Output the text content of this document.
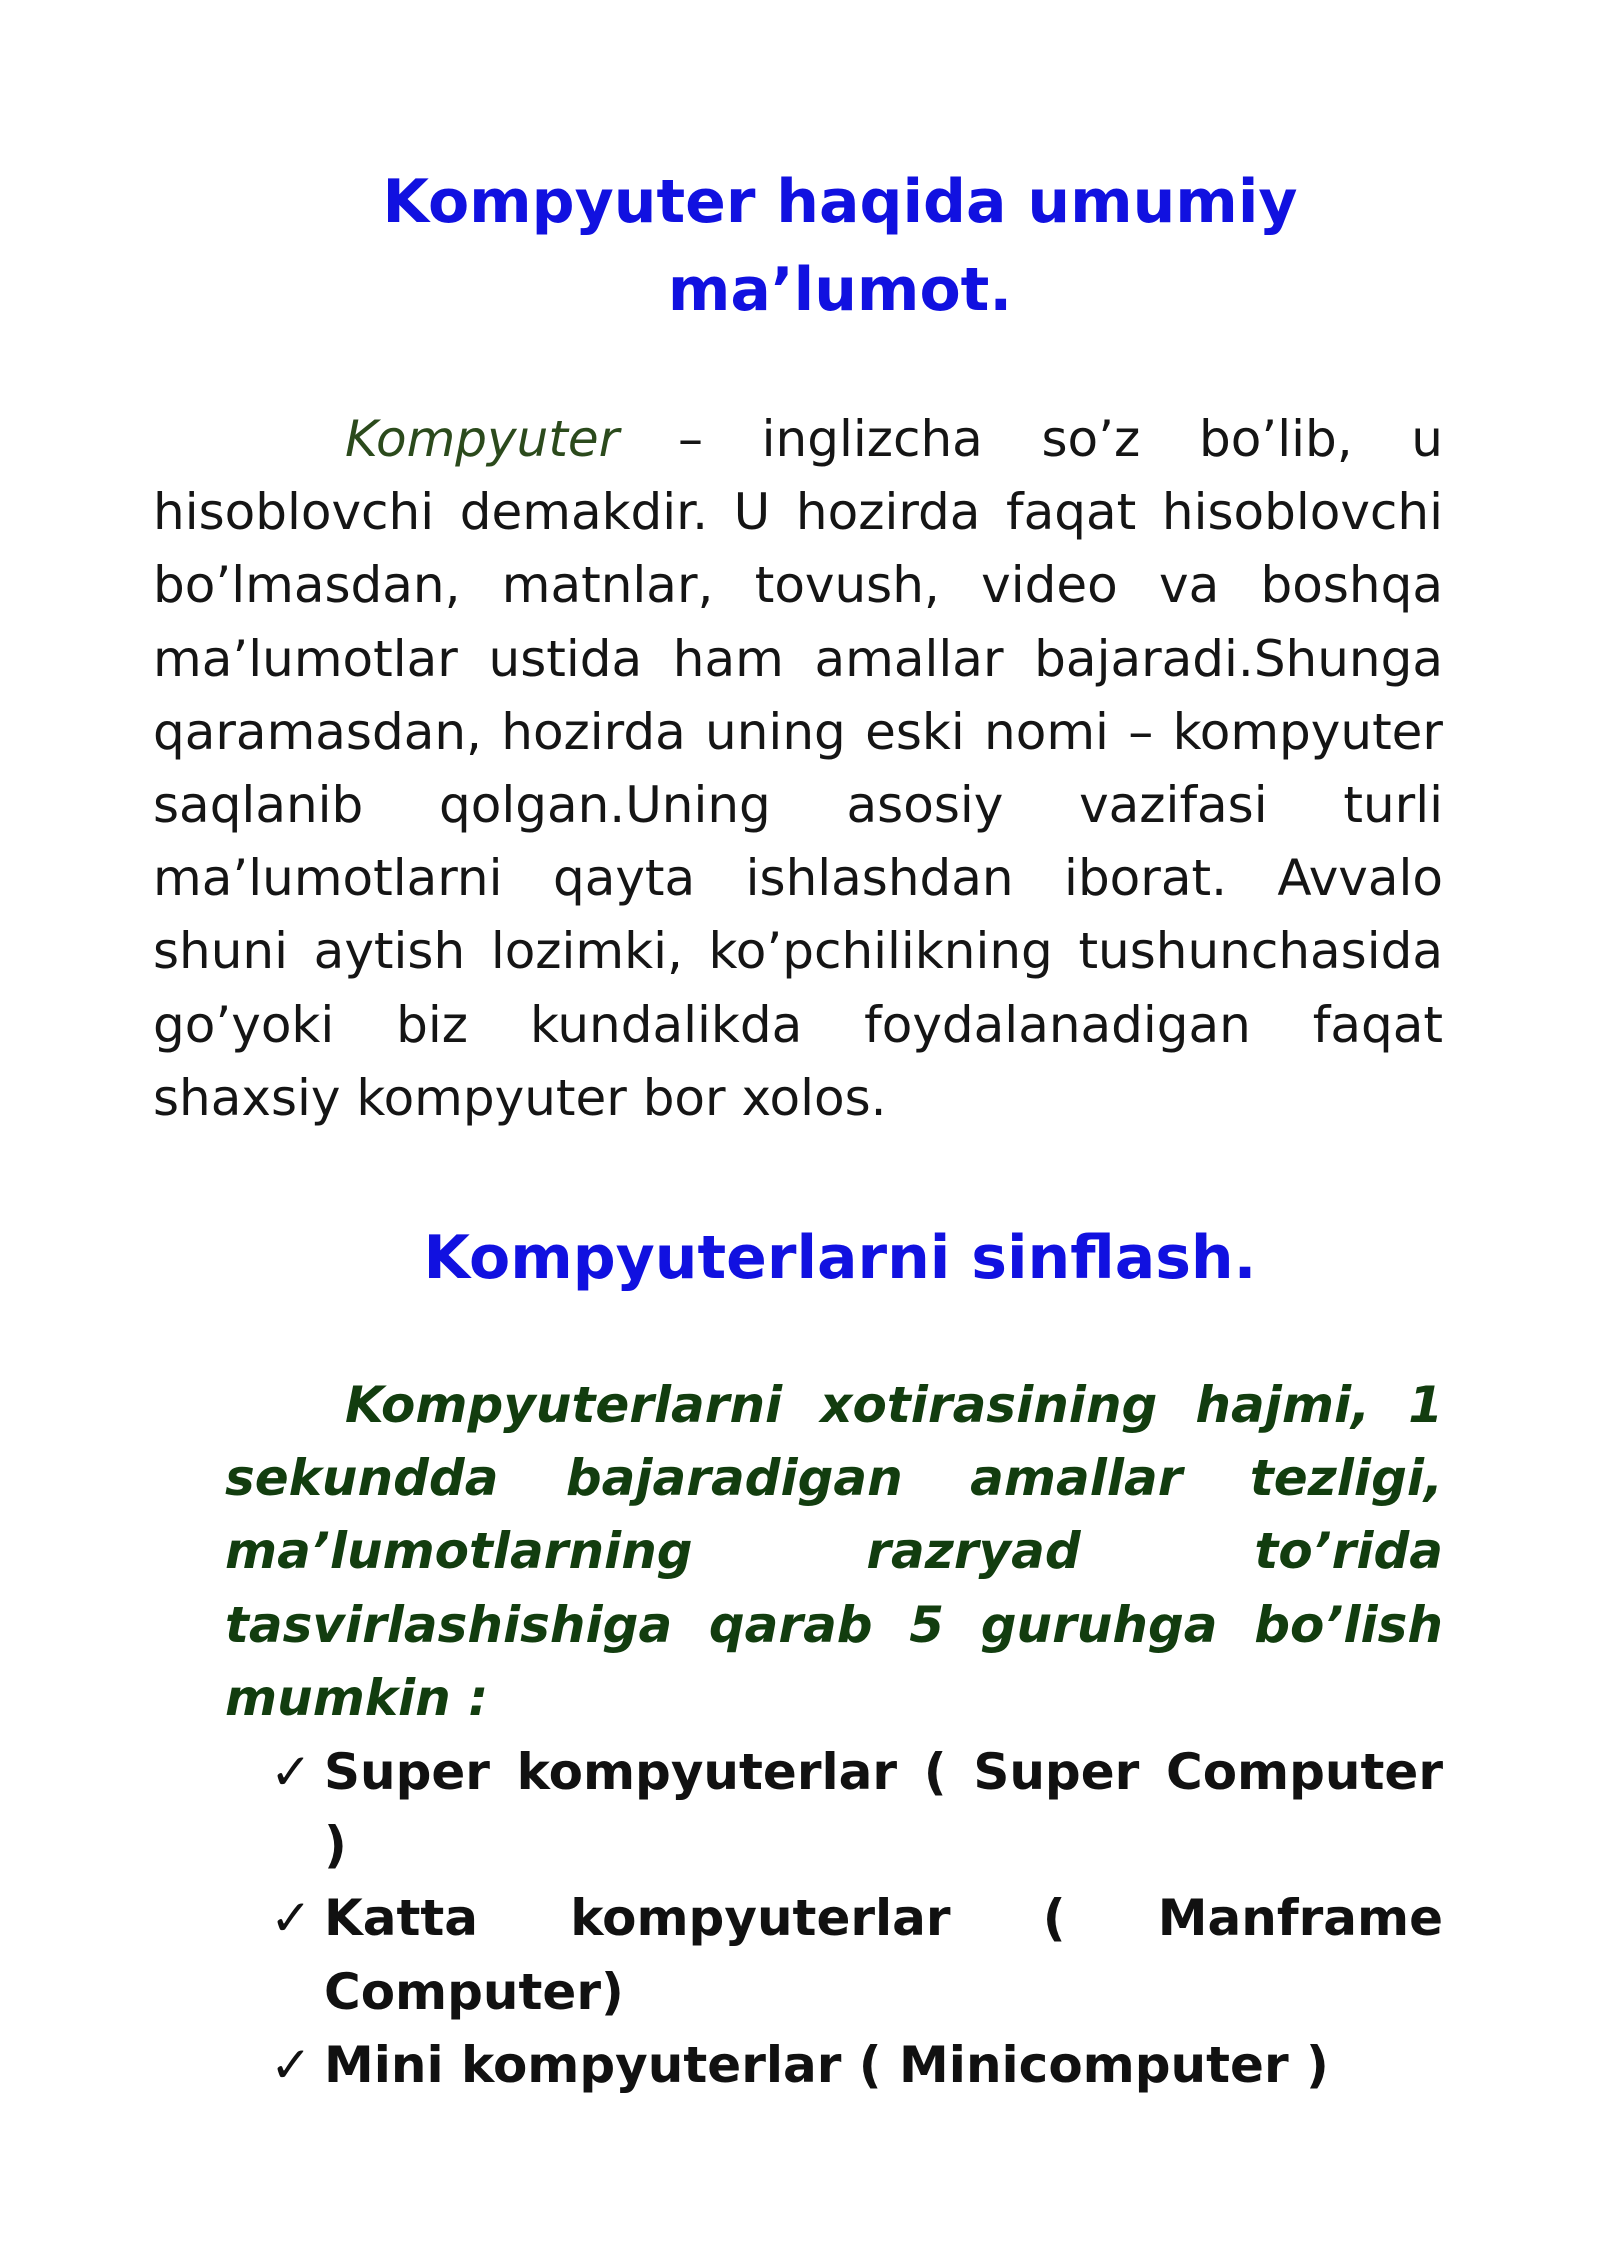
Kompyuter haqida umumiy ma’lumot.

Kompyuter – inglizcha so’z bo’lib, u hisoblovchi demakdir. U hozirda faqat hisoblovchi bo’lmasdan, matnlar, tovush, video va boshqa ma’lumotlar ustida ham amallar bajaradi.Shunga qaramasdan, hozirda uning eski nomi – kompyuter saqlanib qolgan.Uning asosiy vazifasi turli ma’lumotlarni qayta ishlashdan iborat. Avvalo shuni aytish lozimki, ko’pchilikning tushunchasida go’yoki biz kundalikda foydalanadigan faqat shaxsiy kompyuter bor xolos.

Kompyuterlarni sinflash.

Kompyuterlarni xotirasining hajmi, 1 sekundda bajaradigan amallar tezligi, ma’lumotlarning razryad to’rida tasvirlashishiga qarab 5 guruhga bo’lish mumkin :

✓ Super kompyuterlar ( Super Computer )
✓ Katta kompyuterlar ( Manframe Computer)
✓ Mini kompyuterlar ( Minicomputer )
